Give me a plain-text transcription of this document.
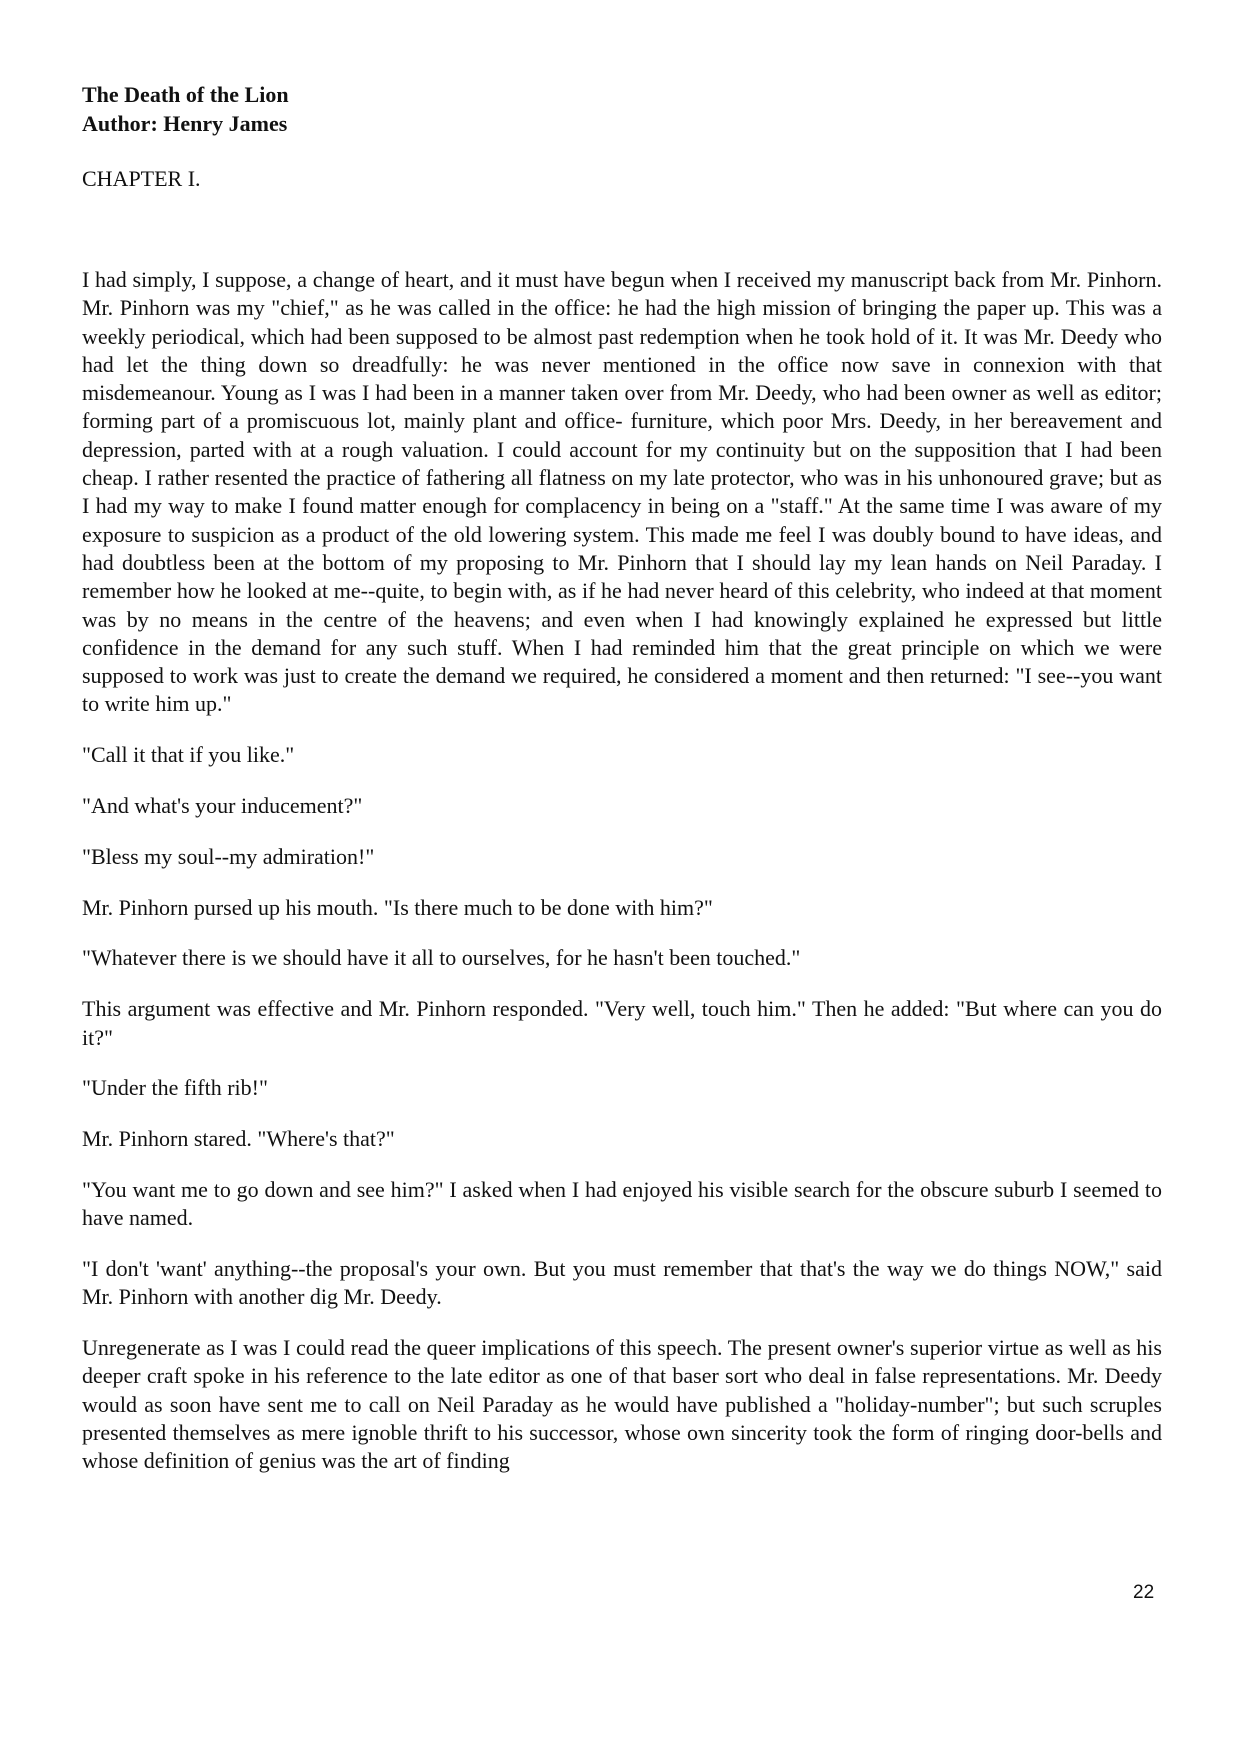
The Death of the Lion
Author: Henry James
CHAPTER I.

I had simply, I suppose, a change of heart, and it must have begun when I received my manuscript back from Mr. Pinhorn. Mr. Pinhorn was my "chief," as he was called in the office: he had the high mission of bringing the paper up. This was a weekly periodical, which had been supposed to be almost past redemption when he took hold of it. It was Mr. Deedy who had let the thing down so dreadfully: he was never mentioned in the office now save in connexion with that misdemeanour. Young as I was I had been in a manner taken over from Mr. Deedy, who had been owner as well as editor; forming part of a promiscuous lot, mainly plant and office- furniture, which poor Mrs. Deedy, in her bereavement and depression, parted with at a rough valuation. I could account for my continuity but on the supposition that I had been cheap. I rather resented the practice of fathering all flatness on my late protector, who was in his unhonoured grave; but as I had my way to make I found matter enough for complacency in being on a "staff." At the same time I was aware of my exposure to suspicion as a product of the old lowering system. This made me feel I was doubly bound to have ideas, and had doubtless been at the bottom of my proposing to Mr. Pinhorn that I should lay my lean hands on Neil Paraday. I remember how he looked at me--quite, to begin with, as if he had never heard of this celebrity, who indeed at that moment was by no means in the centre of the heavens; and even when I had knowingly explained he expressed but little confidence in the demand for any such stuff. When I had reminded him that the great principle on which we were supposed to work was just to create the demand we required, he considered a moment and then returned: "I see--you want to write him up."

"Call it that if you like."

"And what's your inducement?"

"Bless my soul--my admiration!"

Mr. Pinhorn pursed up his mouth. "Is there much to be done with him?"

"Whatever there is we should have it all to ourselves, for he hasn't been touched."

This argument was effective and Mr. Pinhorn responded. "Very well, touch him." Then he added: "But where can you do it?"

"Under the fifth rib!"

Mr. Pinhorn stared. "Where's that?"

"You want me to go down and see him?" I asked when I had enjoyed his visible search for the obscure suburb I seemed to have named.

"I don't 'want' anything--the proposal's your own. But you must remember that that's the way we do things NOW," said Mr. Pinhorn with another dig Mr. Deedy.

Unregenerate as I was I could read the queer implications of this speech. The present owner's superior virtue as well as his deeper craft spoke in his reference to the late editor as one of that baser sort who deal in false representations. Mr. Deedy would as soon have sent me to call on Neil Paraday as he would have published a "holiday-number"; but such scruples presented themselves as mere ignoble thrift to his successor, whose own sincerity took the form of ringing door-bells and whose definition of genius was the art of finding

22
